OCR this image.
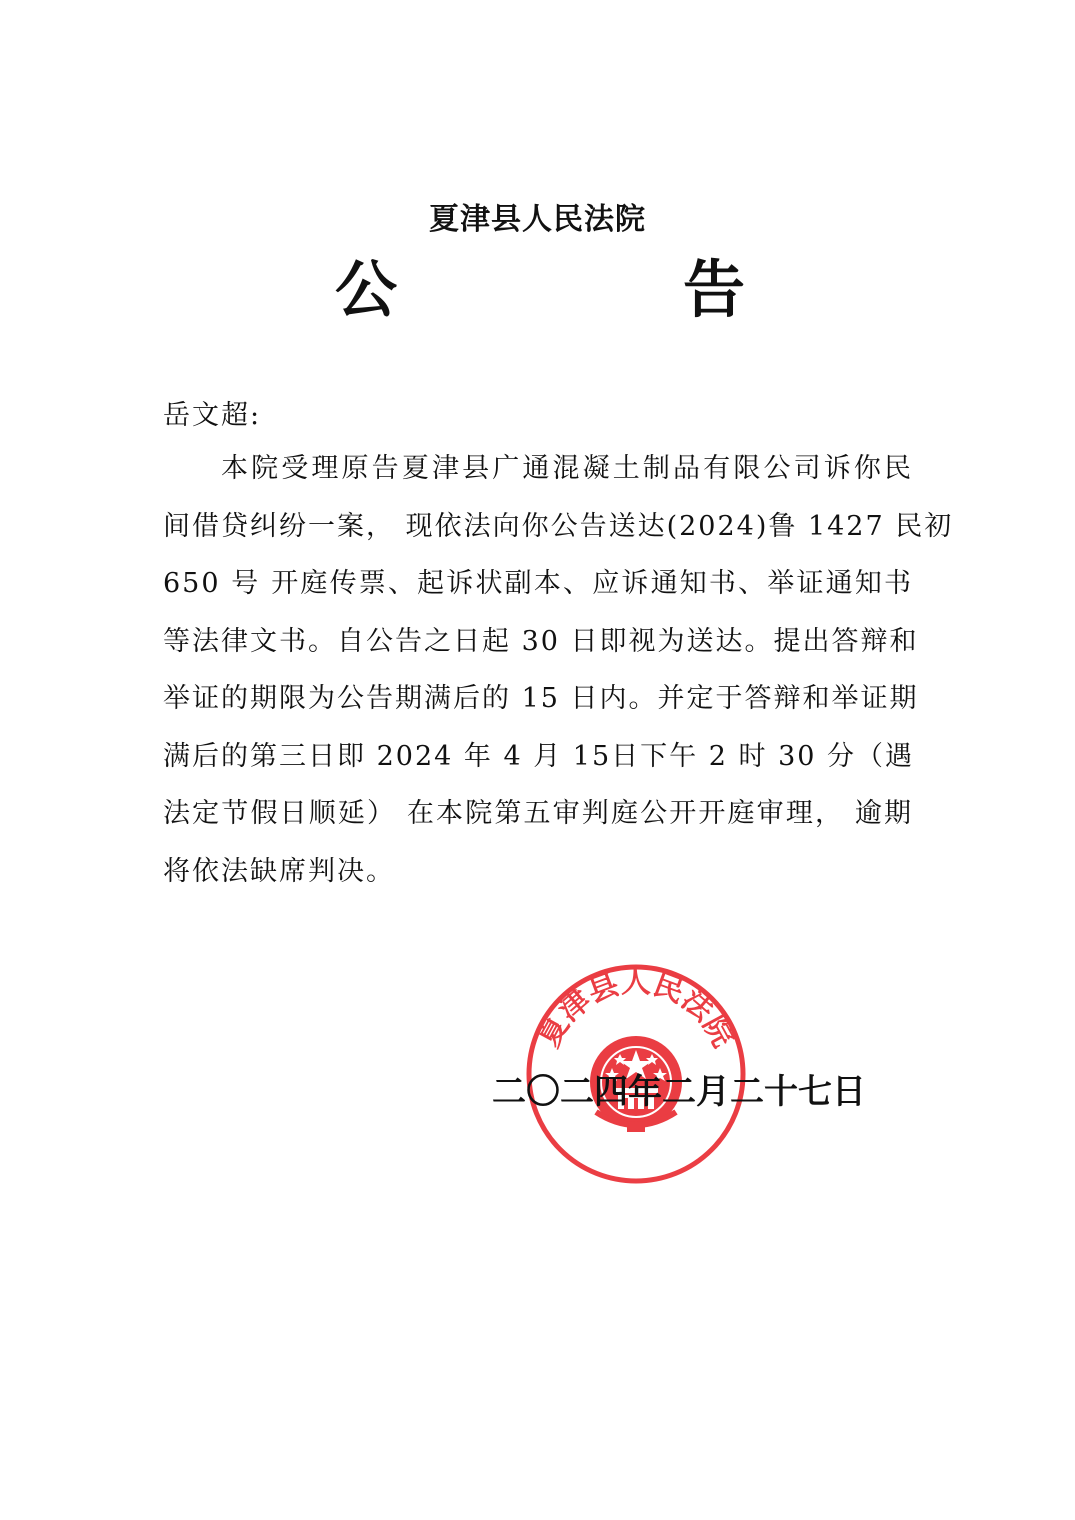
夏津县人民法院
公	告
岳文超:
本院受理原告夏津县广通混凝土制品有限公司诉你民
间借贷纠纷一案， 现依法向你公告送达(2024)鲁 1427 民初
650 号 开庭传票、起诉状副本、应诉通知书、举证通知书
等法律文书。自公告之日起 30 日即视为送达。提出答辩和
举证的期限为公告期满后的 15 日内。并定于答辩和举证期
满后的第三日即 2024 年 4 月 15日下午 2 时 30 分（遇
法定节假日顺延） 在本院第五审判庭公开开庭审理， 逾期
将依法缺席判决。
夏津县人民法院
二〇二四年二月二十七日
